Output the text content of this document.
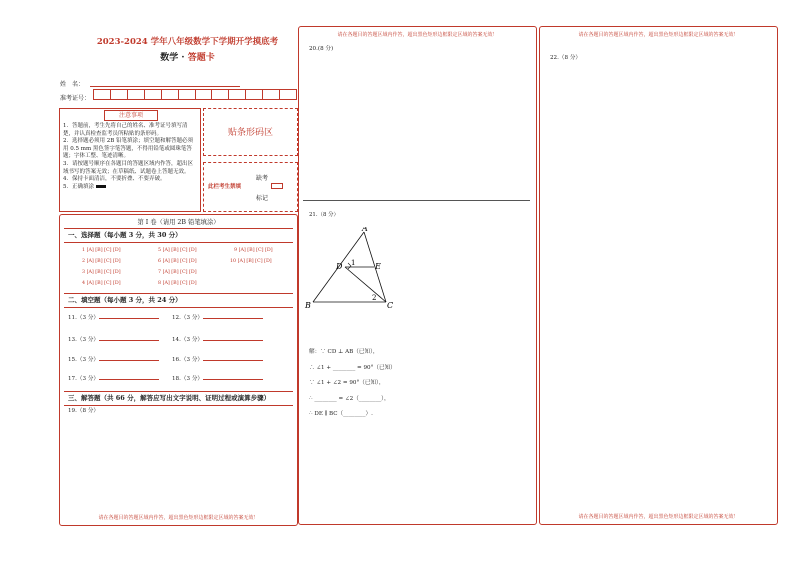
2023-2024 学年八年级数学下学期开学摸底考
数学 · 答题卡
姓　名：
准考证号：
注意事项
1．答题前，考生先将自己的姓名、准考证号填写清楚，并认真检查监考员所粘贴的条形码。
2．选择题必须用 2B 铅笔填涂；填空题和解答题必须用 0.5 mm 黑色签字笔答题，不得用铅笔或圆珠笔答题；字体工整、笔迹清晰。
3．请按题号顺序在各题目的答题区域内作答，超出区域书写的答案无效；在草稿纸、试题卷上答题无效。
4．保持卡面清洁，不要折叠、不要弄破。
5．正确填涂
贴条形码区
缺考
此栏考生禁填
标记
第 I 卷（请用 2B 铅笔填涂）
一、选择题（每小题 3 分，共 30 分）
1 [A] [B] [C] [D]	5 [A] [B] [C] [D]	9 [A] [B] [C] [D]
2 [A] [B] [C] [D]	6 [A] [B] [C] [D]	10 [A] [B] [C] [D]
3 [A] [B] [C] [D]	7 [A] [B] [C] [D]
4 [A] [B] [C] [D]	8 [A] [B] [C] [D]
二、填空题（每小题 3 分，共 24 分）
11.（3 分）	12.（3 分）
13.（3 分）	14.（3 分）
15.（3 分）	16.（3 分）
17.（3 分）	18.（3 分）
三、解答题（共 66 分，解答应写出文字说明、证明过程或演算步骤）
19.（8 分）
请在各题目的答题区域内作答，超出黑色矩形边框限定区域的答案无效！
请在各题目的答题区域内作答，超出黑色矩形边框限定区域的答案无效！
20.(8 分)
21.（8 分）
A
B	C
D	E
1
2
解：∵ CD ⊥ AB（已知），
∴ ∠1 + ________ = 90°（已知）
∵ ∠1 + ∠2 = 90°（已知），
∴ ________ = ∠2（________），
∴ DE ∥ BC（________）.
请在各题目的答题区域内作答，超出黑色矩形边框限定区域的答案无效！
22.（8 分）
请在各题目的答题区域内作答，超出黑色矩形边框限定区域的答案无效！
